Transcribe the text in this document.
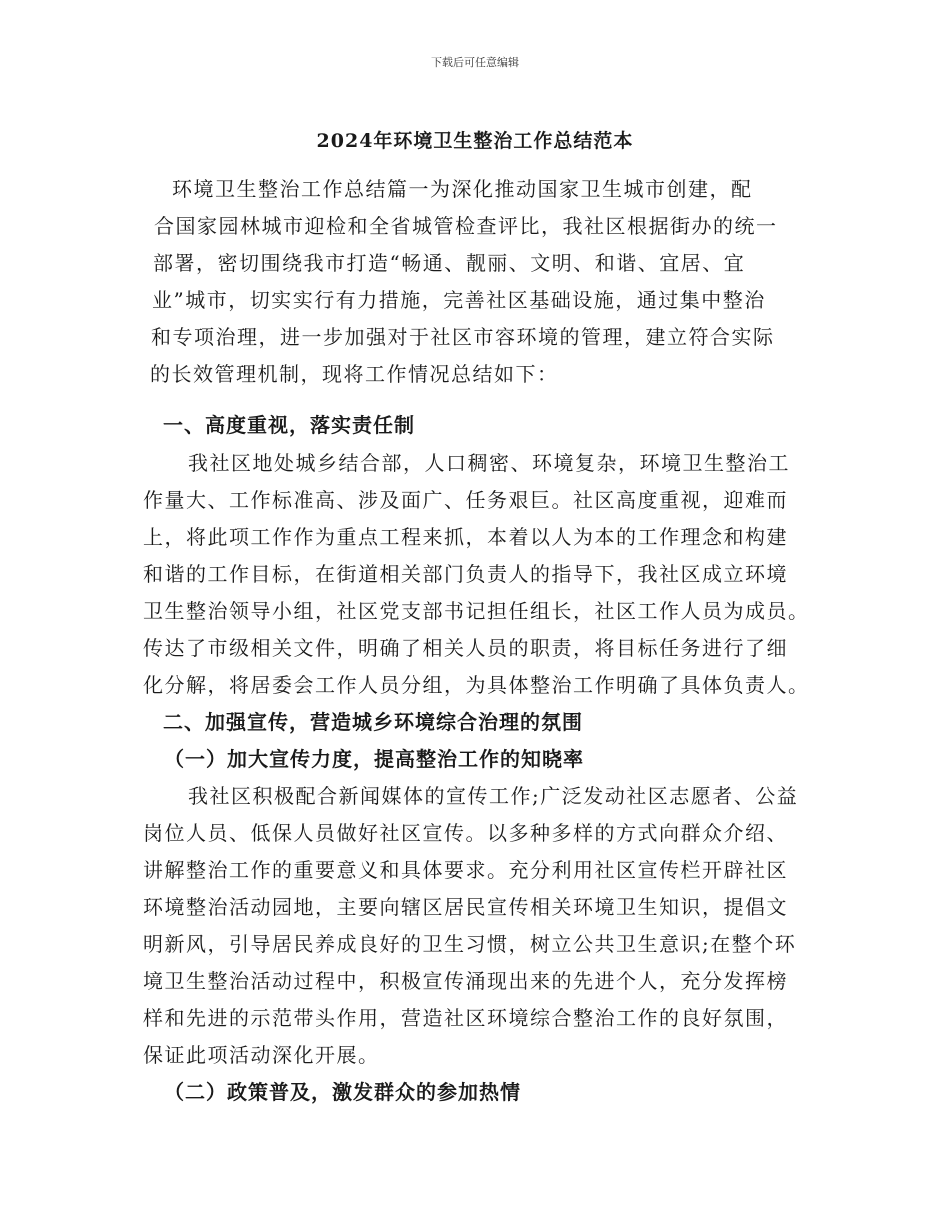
下载后可任意编辑
2024年环境卫生整治工作总结范本
环境卫生整治工作总结篇一为深化推动国家卫生城市创建，配
合国家园林城市迎检和全省城管检查评比，我社区根据街办的统一
部署，密切围绕我市打造“畅通、靓丽、文明、和谐、宜居、宜
业”城市，切实实行有力措施，完善社区基础设施，通过集中整治
和专项治理，进一步加强对于社区市容环境的管理，建立符合实际
的长效管理机制，现将工作情况总结如下：
一、高度重视，落实责任制
我社区地处城乡结合部，人口稠密、环境复杂，环境卫生整治工
作量大、工作标准高、涉及面广、任务艰巨。社区高度重视，迎难而
上，将此项工作作为重点工程来抓，本着以人为本的工作理念和构建
和谐的工作目标，在街道相关部门负责人的指导下，我社区成立环境
卫生整治领导小组，社区党支部书记担任组长，社区工作人员为成员。
传达了市级相关文件，明确了相关人员的职责，将目标任务进行了细
化分解，将居委会工作人员分组，为具体整治工作明确了具体负责人。
二、加强宣传，营造城乡环境综合治理的氛围
（一）加大宣传力度，提高整治工作的知晓率
我社区积极配合新闻媒体的宣传工作;广泛发动社区志愿者、公益
岗位人员、低保人员做好社区宣传。以多种多样的方式向群众介绍、
讲解整治工作的重要意义和具体要求。充分利用社区宣传栏开辟社区
环境整治活动园地，主要向辖区居民宣传相关环境卫生知识，提倡文
明新风，引导居民养成良好的卫生习惯，树立公共卫生意识;在整个环
境卫生整治活动过程中，积极宣传涌现出来的先进个人，充分发挥榜
样和先进的示范带头作用，营造社区环境综合整治工作的良好氛围，
保证此项活动深化开展。
（二）政策普及，激发群众的参加热情
